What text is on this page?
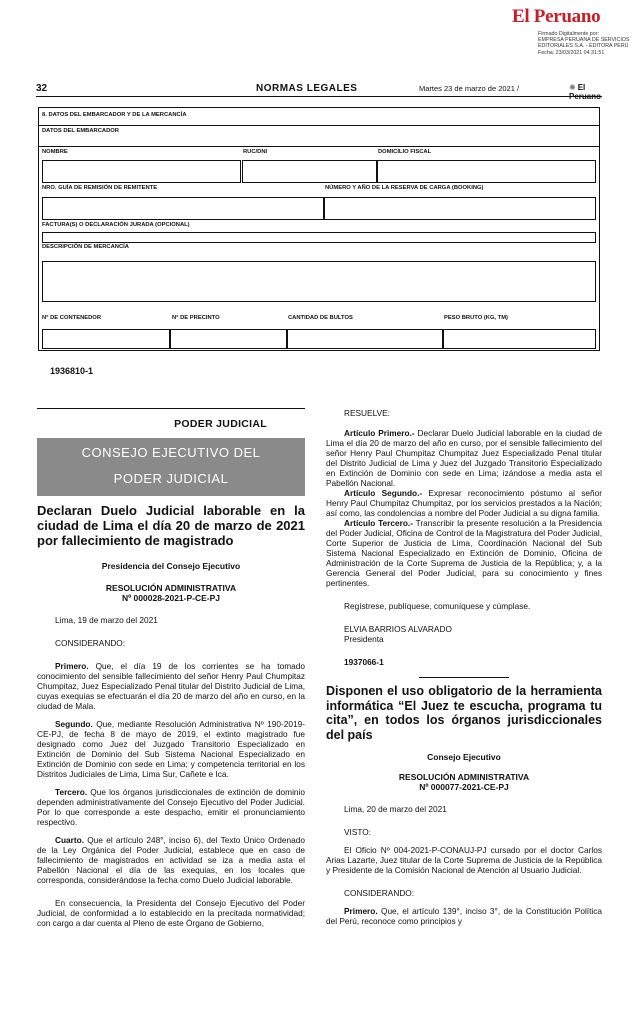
El Peruano
Firmado Digitalmente por:
EMPRESA PERUANA DE SERVICIOS
EDITORIALES S.A. - EDITORA PERU
Fecha: 23/03/2021 04:31:51
32	NORMAS LEGALES	Martes 23 de marzo de 2021 /	✺ El Peruano
8. DATOS DEL EMBARCADOR Y DE LA MERCANCÍA
DATOS DEL EMBARCADOR
NOMBRE	RUC/DNI	DOMICILIO FISCAL
NRO. GUÍA DE REMISIÓN DE REMITENTE	NÚMERO Y AÑO DE LA RESERVA DE CARGA (BOOKING)
FACTURA(S) O DECLARACIÓN JURADA (OPCIONAL)
DESCRIPCIÓN DE MERCANCÍA
N° DE CONTENEDOR	N° DE PRECINTO	CANTIDAD DE BULTOS	PESO BRUTO (KG, TM)
1936810-1
PODER JUDICIAL
CONSEJO EJECUTIVO DEL
PODER JUDICIAL
Declaran Duelo Judicial laborable en la ciudad de Lima el día 20 de marzo de 2021 por fallecimiento de magistrado
Presidencia del Consejo Ejecutivo
RESOLUCIÓN ADMINISTRATIVA
Nº 000028-2021-P-CE-PJ

Lima, 19 de marzo del 2021

CONSIDERANDO:

Primero. Que, el día 19 de los corrientes se ha tomado conocimiento del sensible fallecimiento del señor Henry Paul Chumpitaz Chumpitaz, Juez Especializado Penal titular del Distrito Judicial de Lima, cuyas exequias se efectuarán el día 20 de marzo del año en curso, en la ciudad de Mala.

Segundo. Que, mediante Resolución Administrativa Nº 190-2019-CE-PJ, de fecha 8 de mayo de 2019, el extinto magistrado fue designado como Juez del Juzgado Transitorio Especializado en Extinción de Dominio del Sub Sistema Nacional Especializado en Extinción de Dominio con sede en Lima; y competencia territorial en los Distritos Judiciales de Lima, Lima Sur, Cañete e Ica.

Tercero. Que los órganos jurisdiccionales de extinción de dominio dependen administrativamente del Consejo Ejecutivo del Poder Judicial. Por lo que corresponde a este despacho, emitir el pronunciamiento respectivo.

Cuarto. Que el artículo 248°, inciso 6), del Texto Único Ordenado de la Ley Orgánica del Poder Judicial, establece que en caso de fallecimiento de magistrados en actividad se iza a media asta el Pabellón Nacional el día de las exequias, en los locales que corresponda, considerándose la fecha como Duelo Judicial laborable.

En consecuencia, la Presidenta del Consejo Ejecutivo del Poder Judicial, de conformidad a lo establecido en la precitada normatividad; con cargo a dar cuenta al Pleno de este Órgano de Gobierno,

RESUELVE:

Artículo Primero.- Declarar Duelo Judicial laborable en la ciudad de Lima el día 20 de marzo del año en curso, por el sensible fallecimiento del señor Henry Paul Chumpitaz Chumpitaz Juez Especializado Penal titular del Distrito Judicial de Lima y Juez del Juzgado Transitorio Especializado en Extinción de Dominio con sede en Lima; izándose a media asta el Pabellón Nacional.

Artículo Segundo.- Expresar reconocimiento póstumo al señor Henry Paul Chumpitaz Chumpitaz, por los servicios prestados a la Nación; así como, las condolencias a nombre del Poder Judicial a su digna familia.

Artículo Tercero.- Transcribir la presente resolución a la Presidencia del Poder Judicial, Oficina de Control de la Magistratura del Poder Judicial, Corte Superior de Justicia de Lima, Coordinación Nacional del Sub Sistema Nacional Especializado en Extinción de Dominio, Oficina de Administración de la Corte Suprema de Justicia de la República; y, a la Gerencia General del Poder Judicial, para su conocimiento y fines pertinentes.

Regístrese, publíquese, comuníquese y cúmplase.

ELVIA BARRIOS ALVARADO

Presidenta

1937066-1

Disponen el uso obligatorio de la herramienta informática “El Juez te escucha, programa tu cita”, en todos los órganos jurisdiccionales del país
Consejo Ejecutivo
RESOLUCIÓN ADMINISTRATIVA
Nº 000077-2021-CE-PJ

Lima, 20 de marzo del 2021

VISTO:

El Oficio Nº 004-2021-P-CONAUJ-PJ cursado por el doctor Carlos Arias Lazarte, Juez titular de la Corte Suprema de Justicia de la República y Presidente de la Comisión Nacional de Atención al Usuario Judicial.

CONSIDERANDO:

Primero. Que, el artículo 139°, inciso 3°, de la Constitución Política del Perú, reconoce como principios y
